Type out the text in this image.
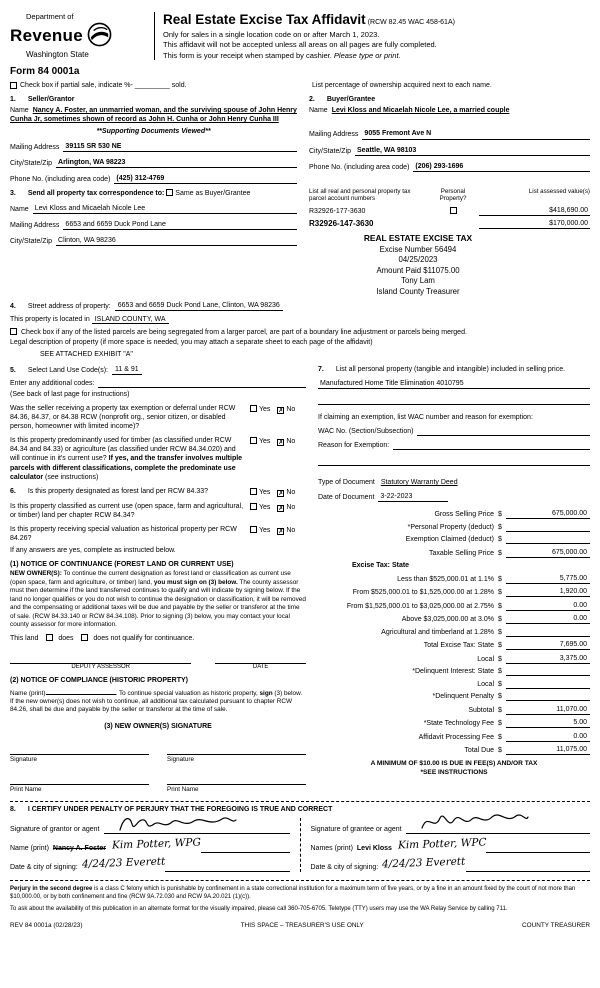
Department of
Revenue
Washington State
Real Estate Excise Tax Affidavit (RCW 82.45 WAC 458-61A)
Only for sales in a single location code on or after March 1, 2023.
This affidavit will not be accepted unless all areas on all pages are fully completed.
This form is your receipt when stamped by cashier. Please type or print.
Form 84 0001a
Check box if partial sale, indicate %- _________ sold.	List percentage of ownership acquired next to each name.
1. Seller/Grantor
Name Nancy A. Foster, an unmarried woman, and the surviving spouse of John Henry Cunha Jr, sometimes shown of record as John H. Cunha or John Henry Cunha III
**Supporting Documents Viewed**
Mailing Address 39115 SR 530 NE
City/State/Zip Arlington, WA 98223
Phone No. (including area code) (425) 312-4769
2. Buyer/Grantee
Name Levi Kloss and Micaelah Nicole Lee, a married couple
Mailing Address 9055 Fremont Ave N
City/State/Zip Seattle, WA 98103
Phone No. (including area code) (206) 293-1696
3. Send all property tax correspondence to: Same as Buyer/Grantee
Name Levi Kloss and Micaelah Nicole Lee
Mailing Address 6653 and 6659 Duck Pond Lane
City/State/Zip Clinton, WA 98236
List all real and personal property tax parcel account numbers
Personal Property?
List assessed value(s)
R32926-177-3630	$418,690.00
R32926-147-3630	$170,000.00
REAL ESTATE EXCISE TAX
Excise Number 56494
04/25/2023
Amount Paid $11075.00
Tony Lam
Island County Treasurer
4. Street address of property:	6653 and 6659 Duck Pond Lane, Clinton, WA 98236
This property is located in ISLAND COUNTY, WA
Check box if any of the listed parcels are being segregated from a larger parcel, are part of a boundary line adjustment or parcels being merged.
Legal description of property (if more space is needed, you may attach a separate sheet to each page of the affidavit)
SEE ATTACHED EXHIBIT "A"
5. Select Land Use Code(s):	11 & 91
Enter any additional codes:
(See back of last page for instructions)
Was the seller receiving a property tax exemption or deferral under RCW 84.36, 84.37, or 84.38 RCW (nonprofit org., senior citizen, or disabled person, homeowner with limited income)?
Yes ✗ No
Is this property predominantly used for timber (as classified under RCW 84.34 and 84.33) or agriculture (as classified under RCW 84.34.020) and will continue in it's current use? If yes, and the transfer involves multiple parcels with different classifications, complete the predominate use calculator (see instructions)
Yes ✗ No
6. Is this property designated as forest land per RCW 84.33?	Yes ✗ No
Is this property classified as current use (open space, farm and agricultural, or timber) land per chapter RCW 84.34?
Yes ✗ No
Is this property receiving special valuation as historical property per RCW 84.26?
Yes ✗ No
If any answers are yes, complete as instructed below.
(1) NOTICE OF CONTINUANCE (FOREST LAND OR CURRENT USE)
NEW OWNER(S): To continue the current designation as forest land or classification as current use (open space, farm and agriculture, or timber) land, you must sign on (3) below. The county assessor must then determine if the land transferred continues to qualify and will indicate by signing below. If the land no longer qualifies or you do not wish to continue the designation or classification, it will be removed and the compensating or additional taxes will be due and payable by the seller or transferor at the time of sale. (RCW 84.33.140 or RCW 84.34.108). Prior to signing (3) below, you may contact your local county assessor for more information.
This land	does	does not qualify for continuance.
DEPUTY ASSESSOR	DATE
(2) NOTICE OF COMPLIANCE (HISTORIC PROPERTY)
Name (print)	. To continue special valuation as historic property, sign (3) below. If the new owner(s) does not wish to continue, all additional tax calculated pursuant to chapter RCW 84.26, shall be due and payable by the seller or transferor at the time of sale.
(3) NEW OWNER(S) SIGNATURE
Signature	Signature
Print Name	Print Name
7. List all personal property (tangible and intangible) included in selling price.
Manufactured Home Title Elimination 4010795
If claiming an exemption, list WAC number and reason for exemption:
WAC No. (Section/Subsection)
Reason for Exemption:
Type of Document Statutory Warranty Deed
Date of Document 3-22-2023
Gross Selling Price $	675,000.00
*Personal Property (deduct) $
Exemption Claimed (deduct) $
Taxable Selling Price $	675,000.00
Excise Tax: State
Less than $525,000.01 at 1.1% $	5,775.00
From $525,000.01 to $1,525,000.00 at 1.28% $	1,920.00
From $1,525,000.01 to $3,025,000.00 at 2.75% $	0.00
Above $3,025,000.00 at 3.0% $	0.00
Agricultural and timberland at 1.28% $
Total Excise Tax: State $	7,695.00
Local $	3,375.00
*Delinquent Interest: State $
Local $
*Delinquent Penalty $
Subtotal $	11,070.00
*State Technology Fee $	5.00
Affidavit Processing Fee $	0.00
Total Due $	11,075.00
A MINIMUM OF $10.00 IS DUE IN FEE(S) AND/OR TAX
*SEE INSTRUCTIONS
8. I CERTIFY UNDER PENALTY OF PERJURY THAT THE FOREGOING IS TRUE AND CORRECT
Signature of grantor or agent
Name (print) Nancy A. Foster Kim Potter, WPG
Date & city of signing: 4/24/23 Everett
Signature of grantee or agent
Names (print) Levi Kloss Kim Potter, WPC
Date & city of signing: 4/24/23 Everett
Perjury in the second degree is a class C felony which is punishable by confinement in a state correctional institution for a maximum term of five years, or by a fine in an amount fixed by the court of not more than $10,000.00, or by both confinement and fine (RCW 9A.72.030 and RCW 9A.20.021 (1)(c)).
To ask about the availability of this publication in an alternate format for the visually impaired, please call 360-705-6705. Teletype (TTY) users may use the WA Relay Service by calling 711.
REV 84 0001a (02/28/23)	THIS SPACE – TREASURER'S USE ONLY	COUNTY TREASURER
